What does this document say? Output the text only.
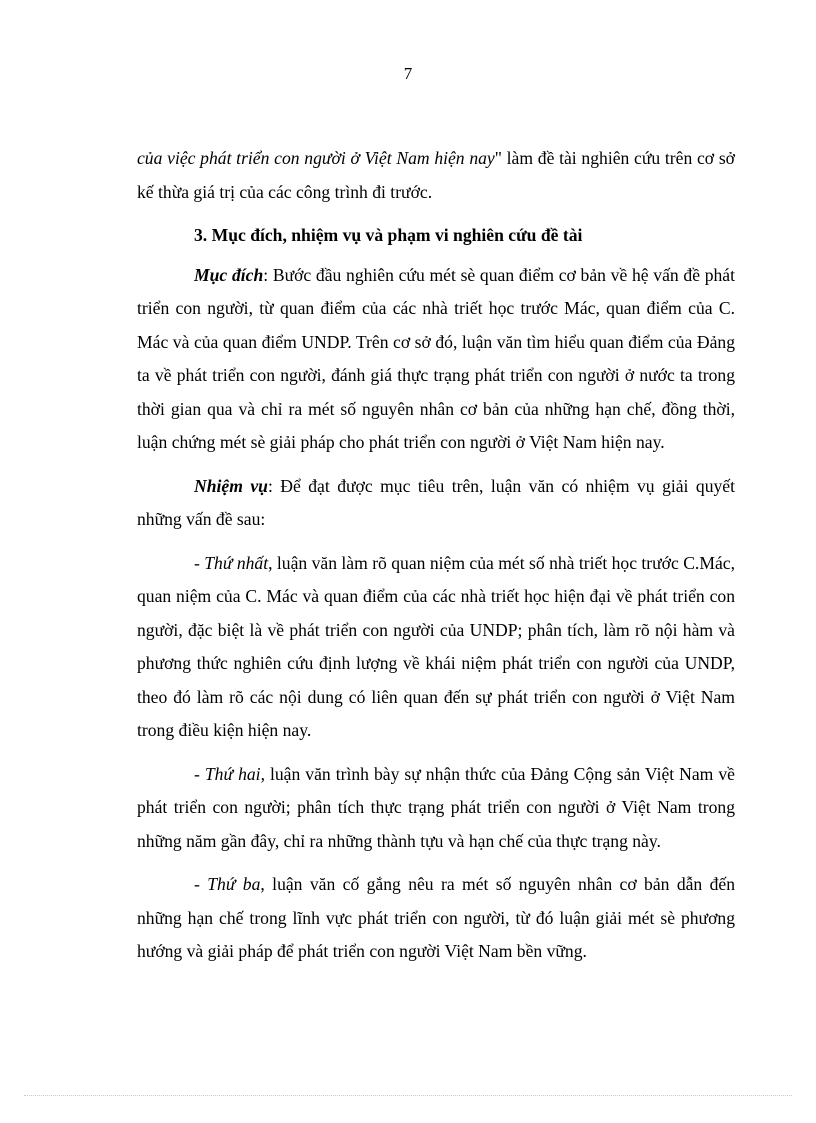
7

của việc phát triển con người ở Việt Nam hiện nay" làm đề tài nghiên cứu trên cơ sở kế thừa giá trị của các công trình đi trước.

3. Mục đích, nhiệm vụ và phạm vi nghiên cứu đề tài

Mục đích: Bước đầu nghiên cứu mét sè quan điểm cơ bản về hệ vấn đề phát triển con người, từ quan điểm của các nhà triết học trước Mác, quan điểm của C. Mác và của quan điểm UNDP. Trên cơ sở đó, luận văn tìm hiểu quan điểm của Đảng ta về phát triển con người, đánh giá thực trạng phát triển con người ở nước ta trong thời gian qua và chỉ ra mét số nguyên nhân cơ bản của những hạn chế, đồng thời, luận chứng mét sè giải pháp cho phát triển con người ở Việt Nam hiện nay.

Nhiệm vụ: Để đạt được mục tiêu trên, luận văn có nhiệm vụ giải quyết những vấn đề sau:

- Thứ nhất, luận văn làm rõ quan niệm của mét số nhà triết học trước C.Mác, quan niệm của C. Mác và quan điểm của các nhà triết học hiện đại về phát triển con người, đặc biệt là về phát triển con người của UNDP; phân tích, làm rõ nội hàm và phương thức nghiên cứu định lượng về khái niệm phát triển con người của UNDP, theo đó làm rõ các nội dung có liên quan đến sự phát triển con người ở Việt Nam trong điều kiện hiện nay.

- Thứ hai, luận văn trình bày sự nhận thức của Đảng Cộng sản Việt Nam về phát triển con người; phân tích thực trạng phát triển con người ở Việt Nam trong những năm gần đây, chỉ ra những thành tựu và hạn chế của thực trạng này.

- Thứ ba, luận văn cố gắng nêu ra mét số nguyên nhân cơ bản dẫn đến những hạn chế trong lĩnh vực phát triển con người, từ đó luận giải mét sè phương hướng và giải pháp để phát triển con người Việt Nam bền vững.
